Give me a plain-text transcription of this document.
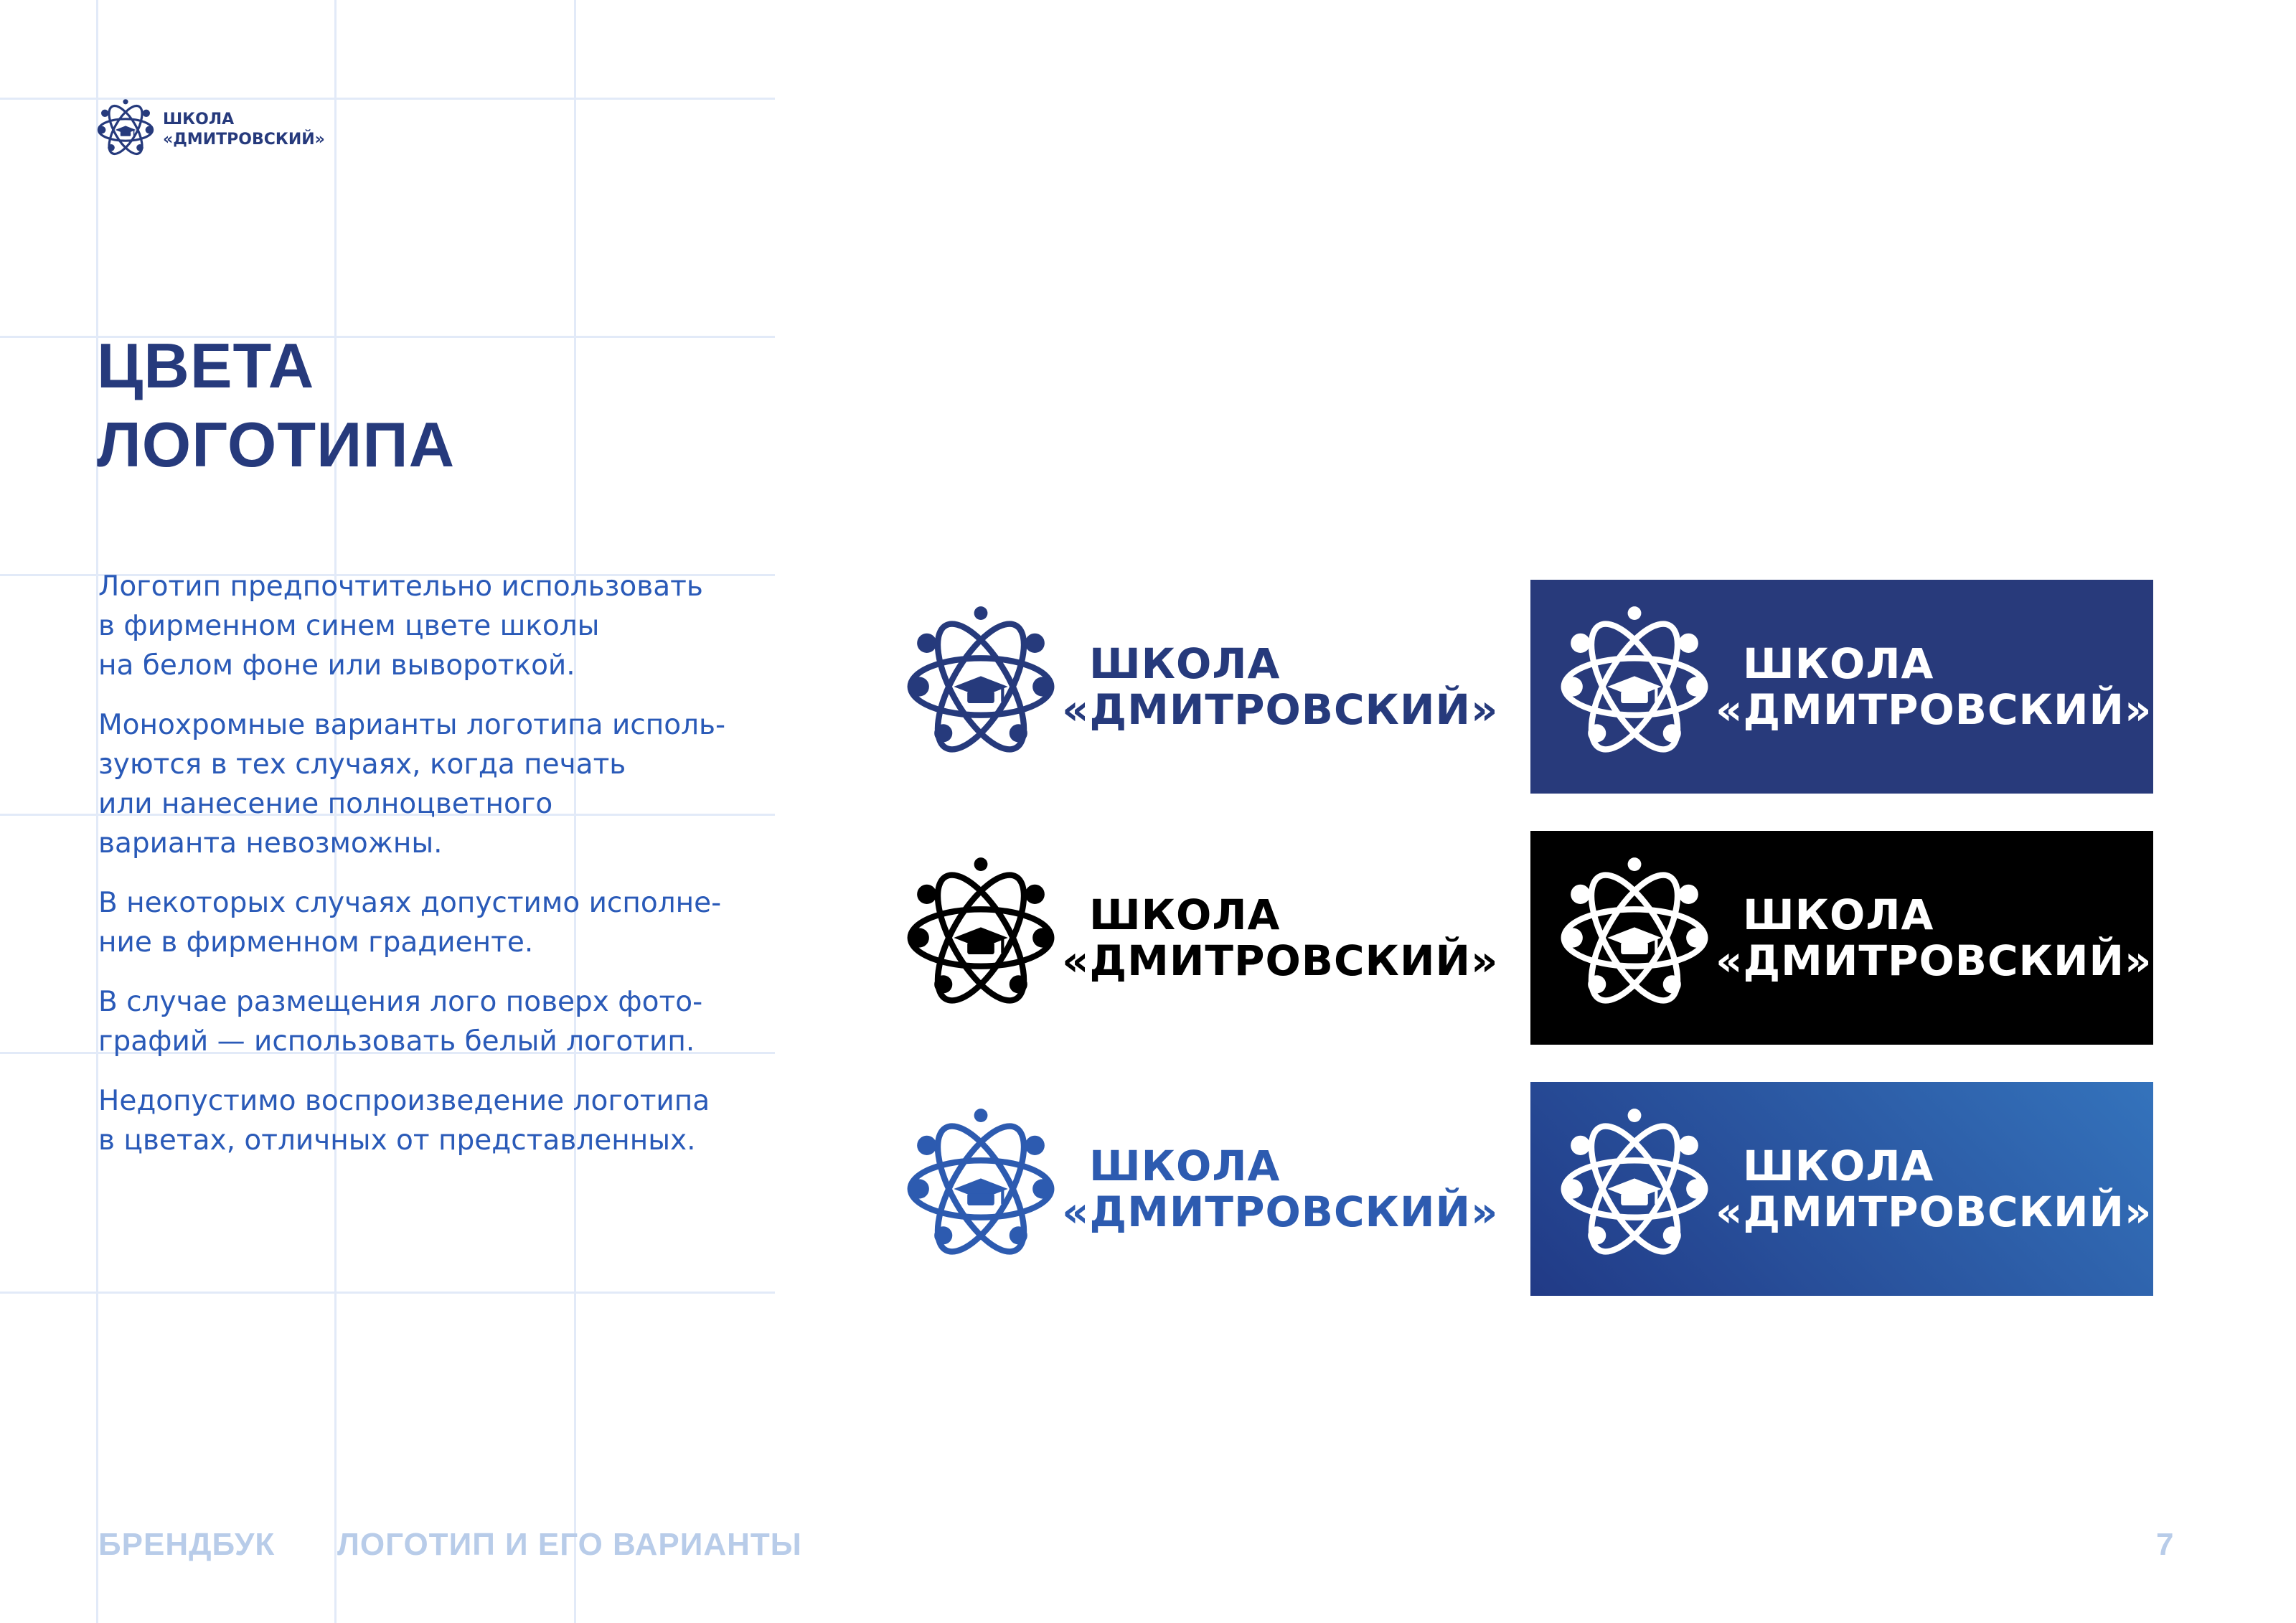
ШКОЛА
«ДМИТРОВСКИЙ»
ЦВЕТА
ЛОГОТИПА

Логотип предпочтительно использовать
в фирменном синем цвете школы
на белом фоне или вывороткой.

Монохромные варианты логотипа исполь-
зуются в тех случаях, когда печать
или нанесение полноцветного
варианта невозможны.

В некоторых случаях допустимо исполне-
ние в фирменном градиенте.

В случае размещения лого поверх фото-
графий — использовать белый логотип.

Недопустимо воспроизведение логотипа
в цветах, отличных от представленных.

ШКОЛА
«ДМИТРОВСКИЙ»
ШКОЛА
«ДМИТРОВСКИЙ»
ШКОЛА
«ДМИТРОВСКИЙ»
ШКОЛА
«ДМИТРОВСКИЙ»
ШКОЛА
«ДМИТРОВСКИЙ»
ШКОЛА
«ДМИТРОВСКИЙ»
БРЕНДБУК ЛОГОТИП И ЕГО ВАРИАНТЫ	7
